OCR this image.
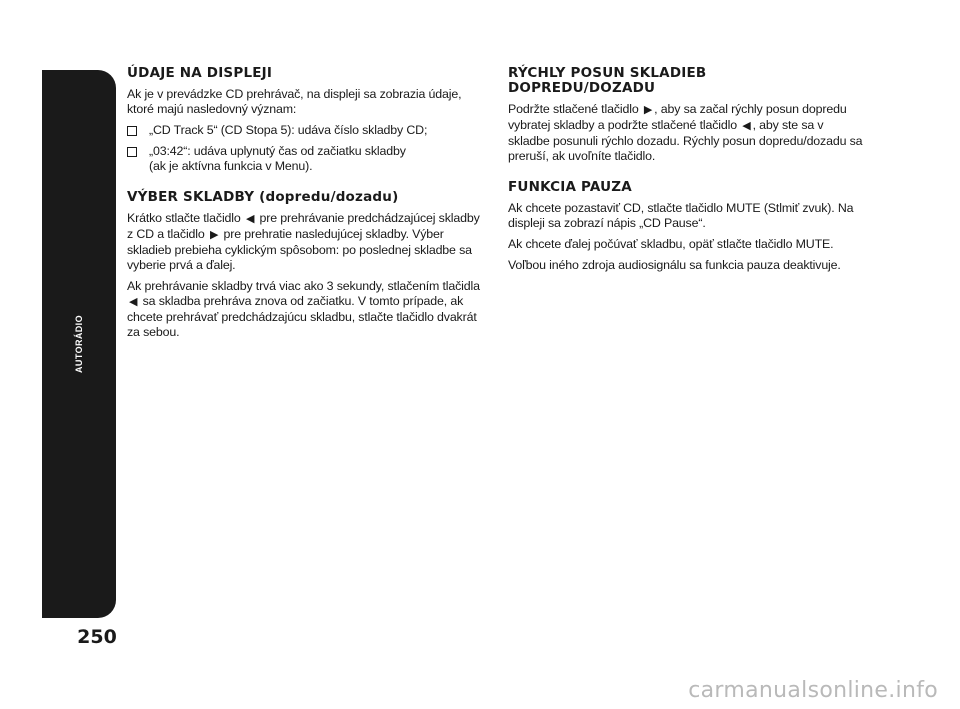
AUTORÁDIO
250
ÚDAJE NA DISPLEJI

Ak je v prevádzke CD prehrávač, na displeji sa zobrazia údaje, ktoré majú nasledovný význam:

„CD Track 5“ (CD Stopa 5): udáva číslo skladby CD;
„03:42“: udáva uplynutý čas od začiatku skladby
(ak je aktívna funkcia v Menu).
VÝBER SKLADBY (dopredu/dozadu)

Krátko stlačte tlačidlo ◀ pre prehrávanie predchádzajúcej skladby z CD a tlačidlo ▶ pre prehratie nasledujúcej skladby. Výber skladieb prebieha cyklickým spôsobom: po poslednej skladbe sa vyberie prvá a ďalej.

Ak prehrávanie skladby trvá viac ako 3 sekundy, stlačením tlačidla ◀ sa skladba prehráva znova od začiatku. V tomto prípade, ak chcete prehrávať predchádzajúcu skladbu, stlačte tlačidlo dvakrát za sebou.

RÝCHLY POSUN SKLADIEB
DOPREDU/DOZADU

Podržte stlačené tlačidlo ▶ , aby sa začal rýchly posun dopredu vybratej skladby a podržte stlačené tlačidlo ◀ , aby ste sa v skladbe posunuli rýchlo dozadu. Rýchly posun dopredu/dozadu sa preruší, ak uvoľníte tlačidlo.

FUNKCIA PAUZA

Ak chcete pozastaviť CD, stlačte tlačidlo MUTE (Stlmiť zvuk). Na displeji sa zobrazí nápis „CD Pause“.

Ak chcete ďalej počúvať skladbu, opäť stlačte tlačidlo MUTE.

Voľbou iného zdroja audiosignálu sa funkcia pauza deaktivuje.

carmanualsonline.info
